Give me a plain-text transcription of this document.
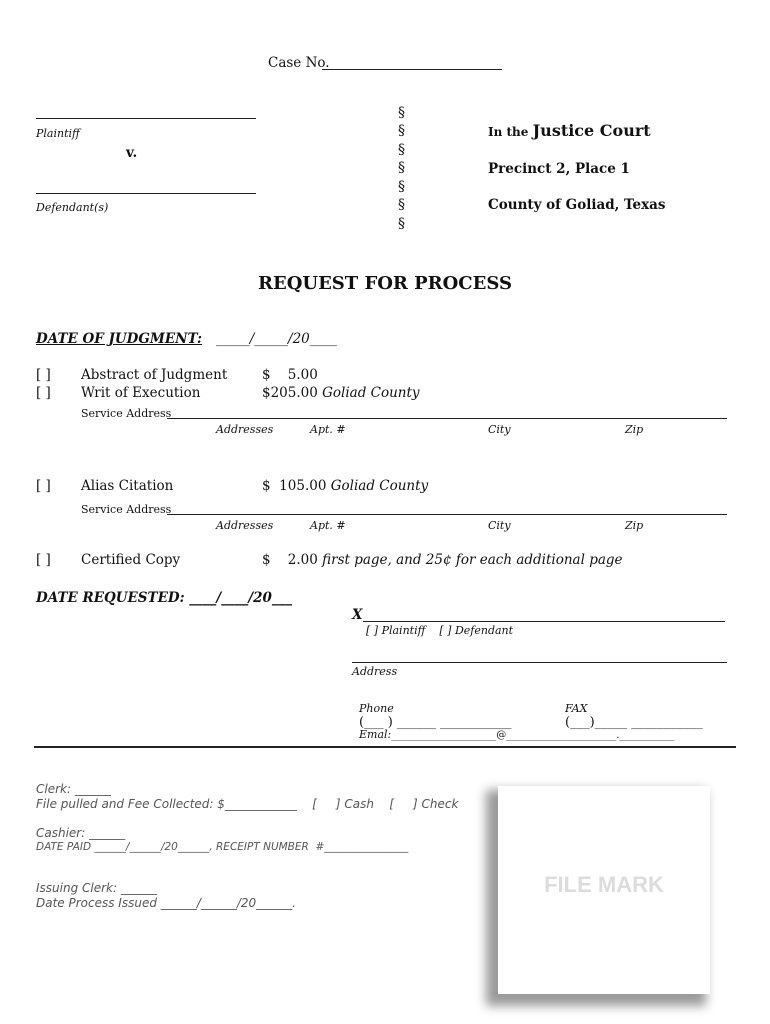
Case No.
Plaintiff
v.
Defendant(s)
§
§
§
§
§
§
§
In the Justice Court
Precinct 2, Place 1
County of Goliad, Texas
REQUEST FOR PROCESS
DATE OF JUDGMENT: _____/_____/20____
[ ] Abstract of Judgment	$    5.00
[ ] Writ of Execution	$205.00 Goliad County
Service Address
Addresses	Apt. #	City	Zip
[ ] Alias Citation	$  105.00 Goliad County
Service Address
Addresses	Apt. #	City	Zip
[ ] Certified Copy	$    2.00 first page, and 25¢ for each additional page
DATE REQUESTED: ____/____/20___
X
[ ] Plaintiff    [ ] Defendant
Address

Phone
(___ ) ______ ___________

FAX
(___)_____ ___________

Emal:_____________________@______________________.___________

Clerk: ______
File pulled and Fee Collected: $____________    [     ] Cash    [     ] Check
Cashier: ______
DATE PAID ______/______/20______, RECEIPT NUMBER  #________________
Issuing Clerk: ______
Date Process Issued ______/______/20______.
FILE MARK
